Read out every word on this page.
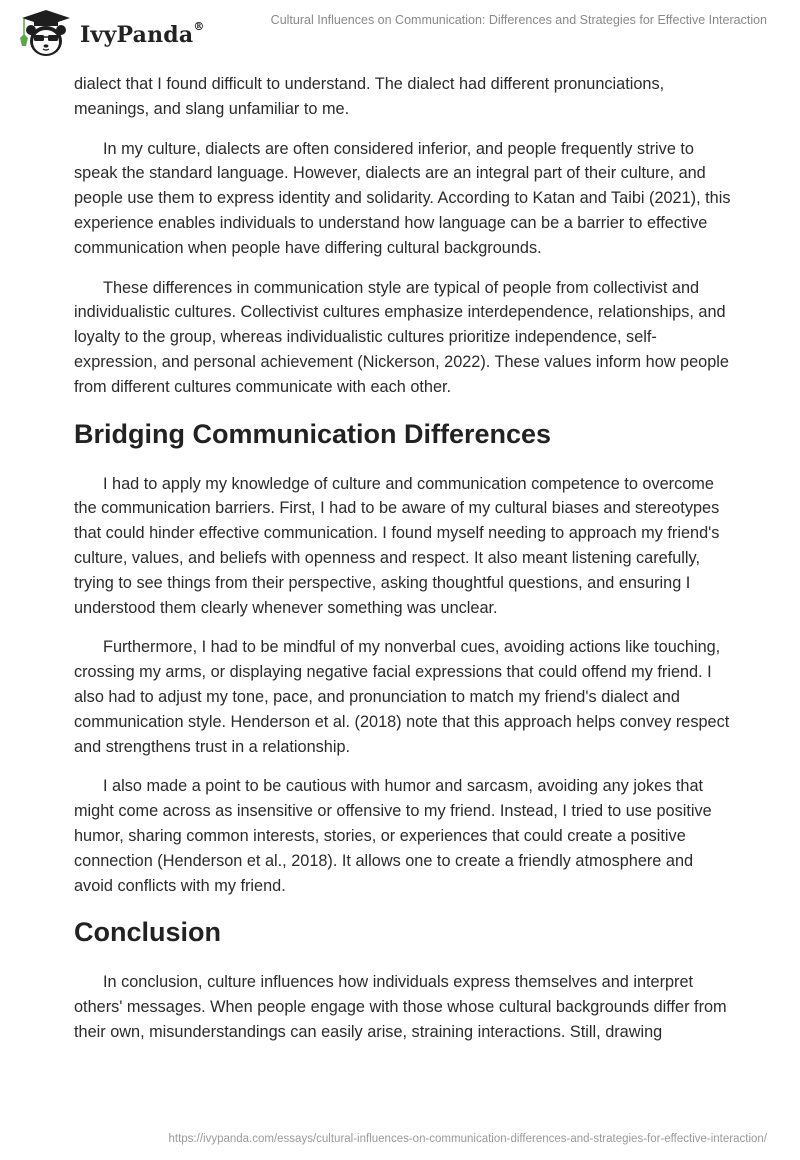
IvyPanda®	Cultural Influences on Communication: Differences and Strategies for Effective Interaction

dialect that I found difficult to understand. The dialect had different pronunciations, meanings, and slang unfamiliar to me.

In my culture, dialects are often considered inferior, and people frequently strive to speak the standard language. However, dialects are an integral part of their culture, and people use them to express identity and solidarity. According to Katan and Taibi (2021), this experience enables individuals to understand how language can be a barrier to effective communication when people have differing cultural backgrounds.

These differences in communication style are typical of people from collectivist and individualistic cultures. Collectivist cultures emphasize interdependence, relationships, and loyalty to the group, whereas individualistic cultures prioritize independence, self-expression, and personal achievement (Nickerson, 2022). These values inform how people from different cultures communicate with each other.

Bridging Communication Differences

I had to apply my knowledge of culture and communication competence to overcome the communication barriers. First, I had to be aware of my cultural biases and stereotypes that could hinder effective communication. I found myself needing to approach my friend's culture, values, and beliefs with openness and respect. It also meant listening carefully, trying to see things from their perspective, asking thoughtful questions, and ensuring I understood them clearly whenever something was unclear.

Furthermore, I had to be mindful of my nonverbal cues, avoiding actions like touching, crossing my arms, or displaying negative facial expressions that could offend my friend. I also had to adjust my tone, pace, and pronunciation to match my friend's dialect and communication style. Henderson et al. (2018) note that this approach helps convey respect and strengthens trust in a relationship.

I also made a point to be cautious with humor and sarcasm, avoiding any jokes that might come across as insensitive or offensive to my friend. Instead, I tried to use positive humor, sharing common interests, stories, or experiences that could create a positive connection (Henderson et al., 2018). It allows one to create a friendly atmosphere and avoid conflicts with my friend.

Conclusion

In conclusion, culture influences how individuals express themselves and interpret others' messages. When people engage with those whose cultural backgrounds differ from their own, misunderstandings can easily arise, straining interactions. Still, drawing

https://ivypanda.com/essays/cultural-influences-on-communication-differences-and-strategies-for-effective-interaction/
